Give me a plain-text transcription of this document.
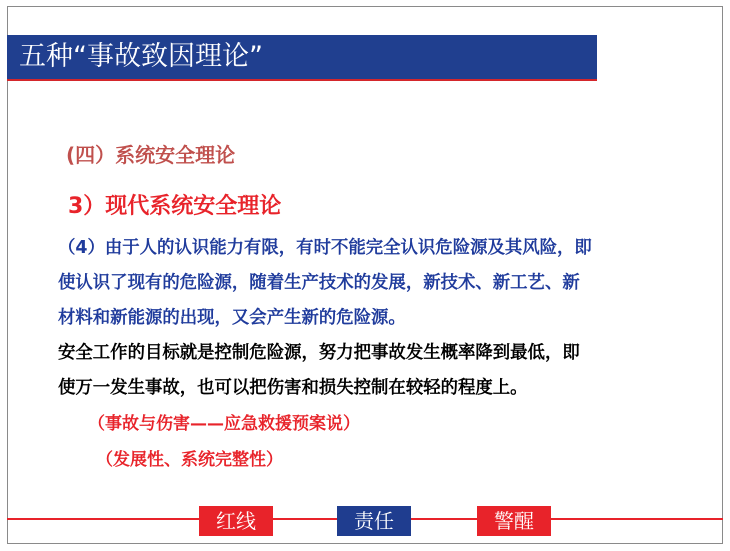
五种“事故致因理论”
(四）系统安全理论
3）现代系统安全理论
（4）由于人的认识能力有限，有时不能完全认识危险源及其风险，即
使认识了现有的危险源，随着生产技术的发展，新技术、新工艺、新
材料和新能源的出现，又会产生新的危险源。
安全工作的目标就是控制危险源，努力把事故发生概率降到最低，即
使万一发生事故，也可以把伤害和损失控制在较轻的程度上。
（事故与伤害——应急救援预案说）
（发展性、系统完整性）
红线	责任	警醒
